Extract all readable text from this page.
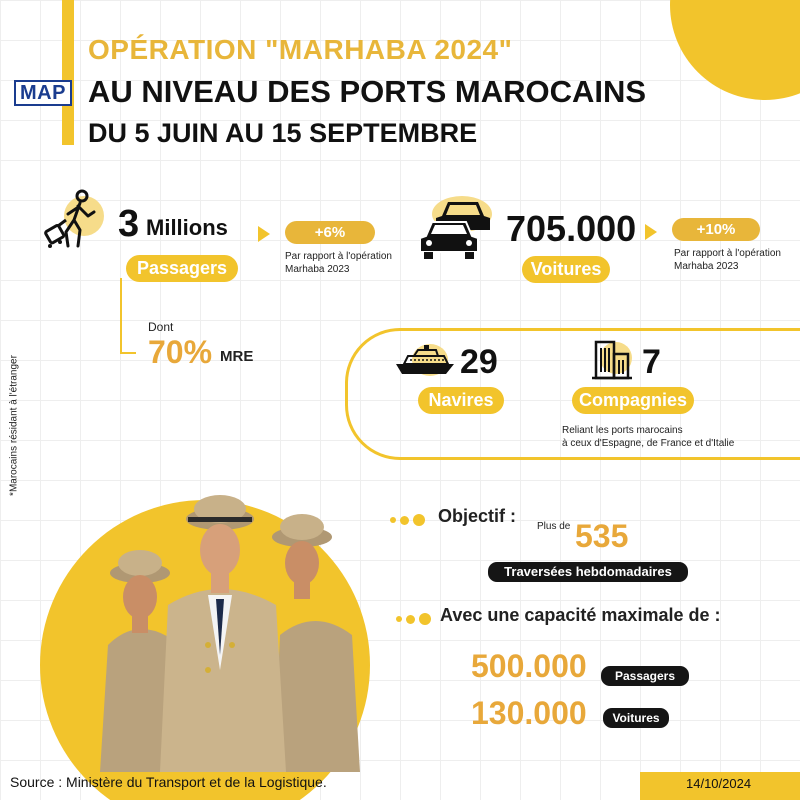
MAP
OPÉRATION "MARHABA 2024"
AU NIVEAU DES PORTS MAROCAINS
DU 5 JUIN AU 15 SEPTEMBRE
3 Millions
Passagers
+6%
Par rapport à l'opération
Marhaba 2023
Dont
70% MRE
705.000
Voitures
+10%
Par rapport à l'opération
Marhaba 2023
29
Navires
7
Compagnies
Reliant les ports marocains
à ceux d'Espagne, de France et d'Italie
*Marocains résidant à l'étranger
Objectif :
Plus de 535
Traversées hebdomadaires
Avec une capacité maximale de :
500.000	Passagers
130.000	Voitures
Source : Ministère du Transport et de la Logistique.	14/10/2024
